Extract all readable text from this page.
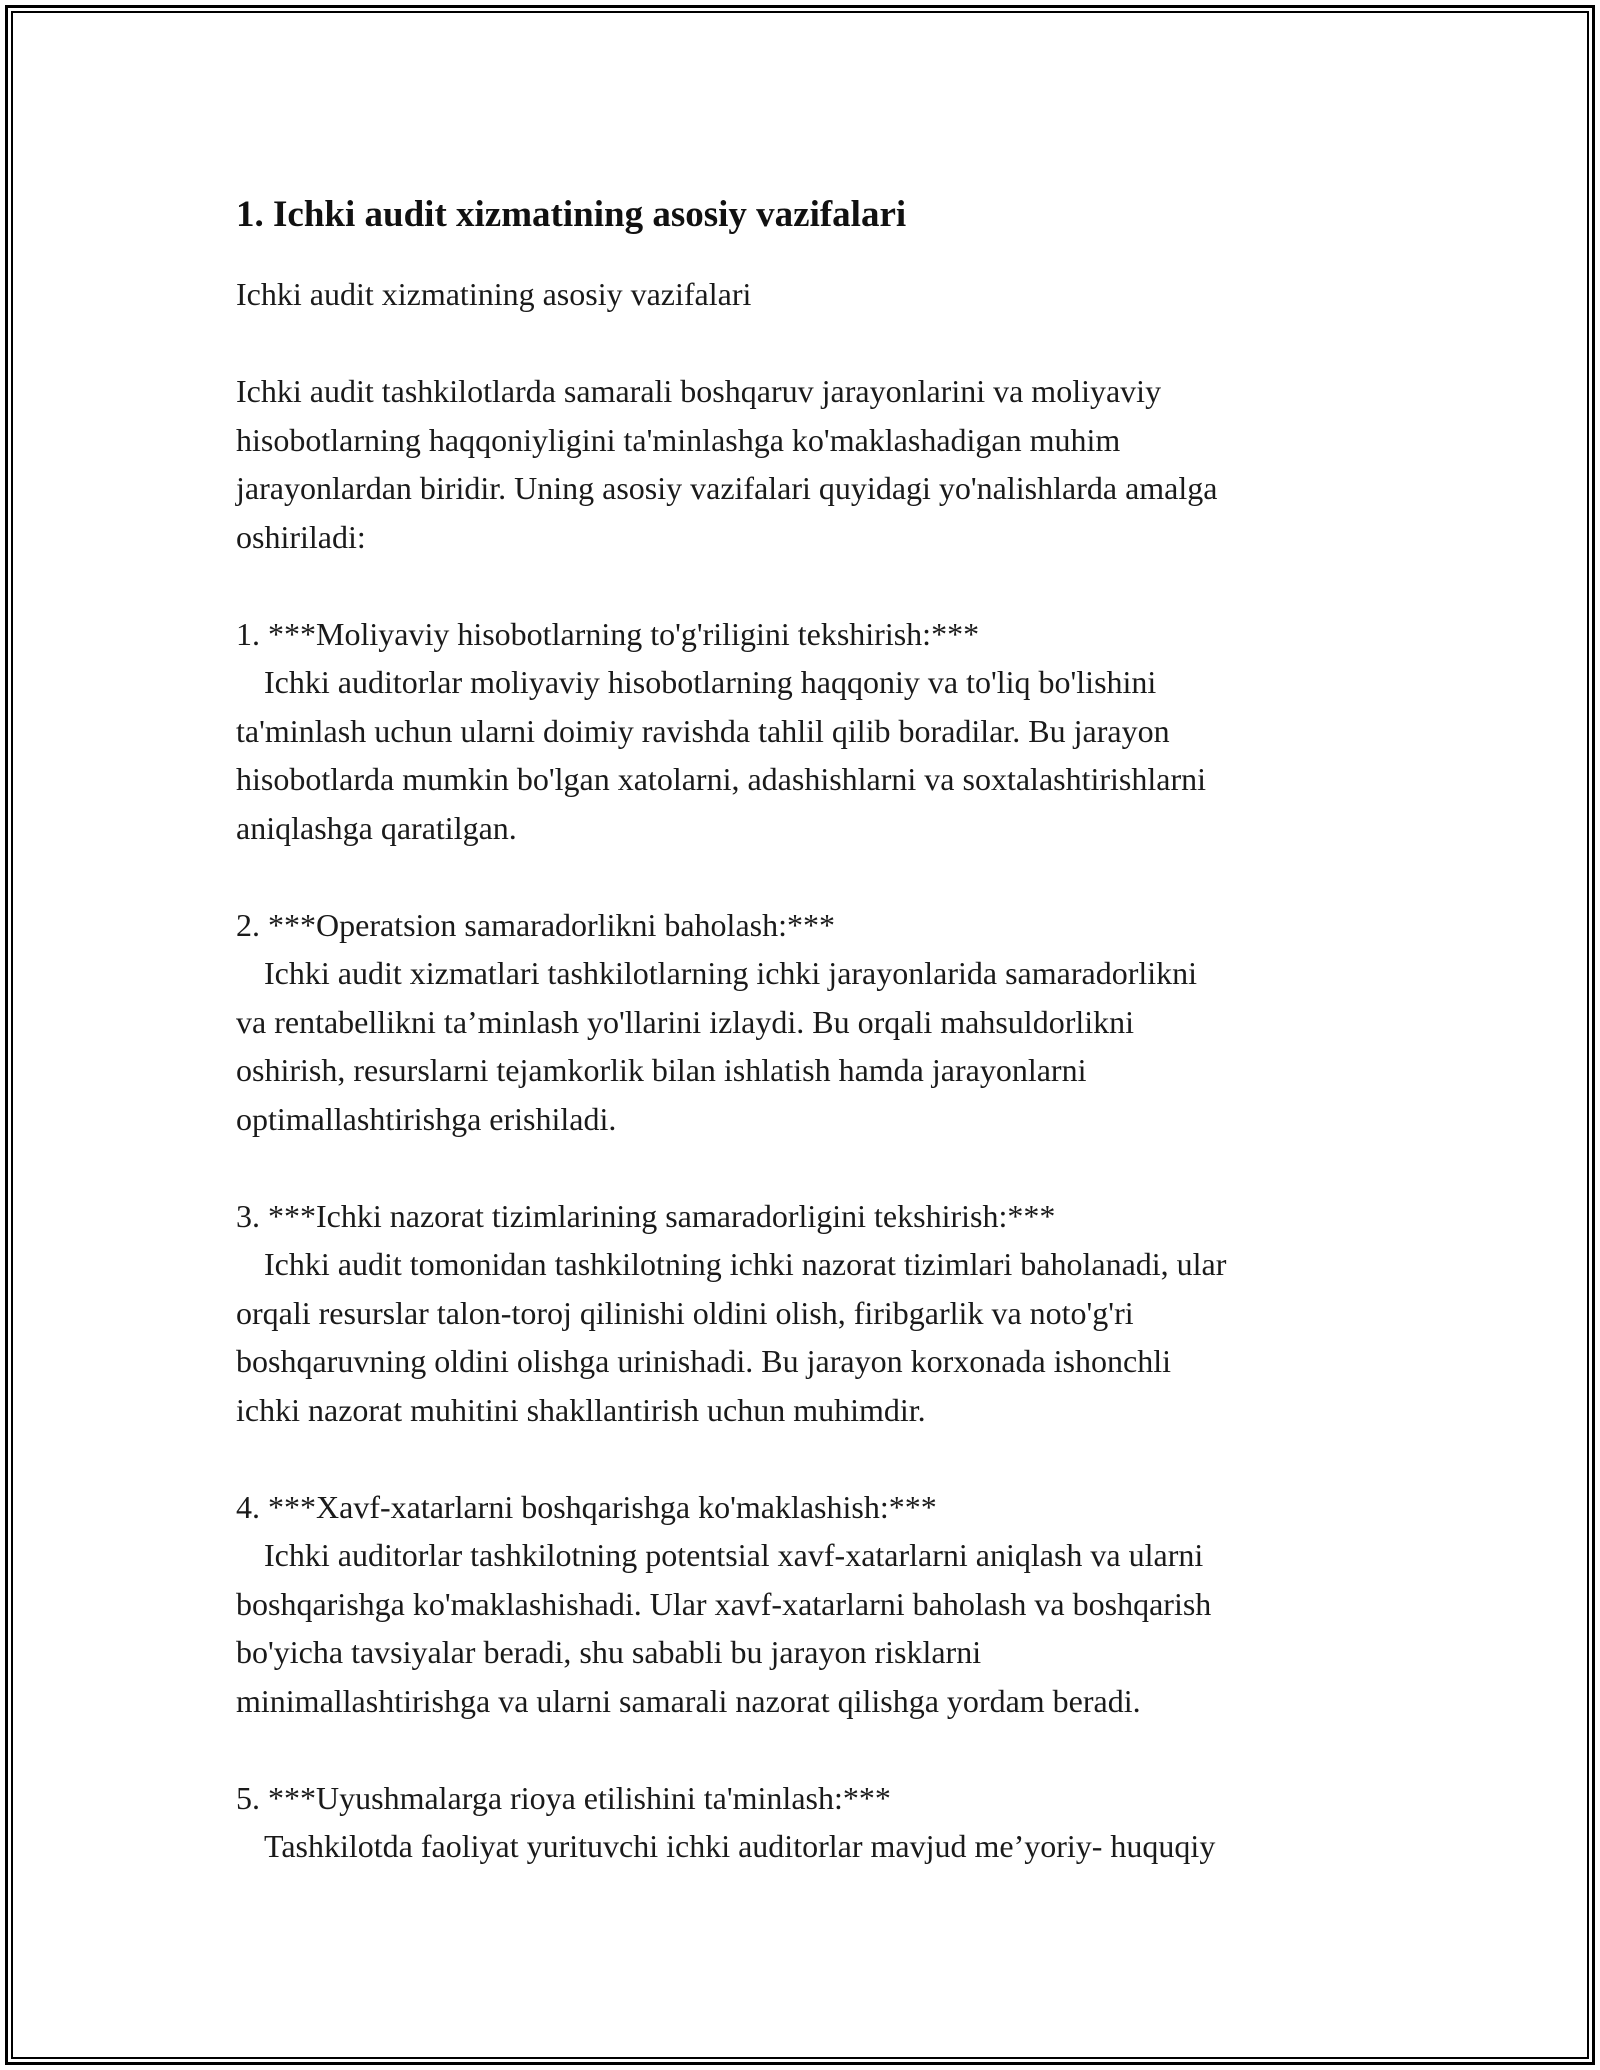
1. Ichki audit xizmatining asosiy vazifalari
Ichki audit xizmatining asosiy vazifalari
Ichki audit tashkilotlarda samarali boshqaruv jarayonlarini va moliyaviy
hisobotlarning haqqoniyligini ta'minlashga ko'maklashadigan muhim
jarayonlardan biridir. Uning asosiy vazifalari quyidagi yo'nalishlarda amalga
oshiriladi:
1. ***Moliyaviy hisobotlarning to'g'riligini tekshirish:***
Ichki auditorlar moliyaviy hisobotlarning haqqoniy va to'liq bo'lishini
ta'minlash uchun ularni doimiy ravishda tahlil qilib boradilar. Bu jarayon
hisobotlarda mumkin bo'lgan xatolarni, adashishlarni va soxtalashtirishlarni
aniqlashga qaratilgan.
2. ***Operatsion samaradorlikni baholash:***
Ichki audit xizmatlari tashkilotlarning ichki jarayonlarida samaradorlikni
va rentabellikni ta’minlash yo'llarini izlaydi. Bu orqali mahsuldorlikni
oshirish, resurslarni tejamkorlik bilan ishlatish hamda jarayonlarni
optimallashtirishga erishiladi.
3. ***Ichki nazorat tizimlarining samaradorligini tekshirish:***
Ichki audit tomonidan tashkilotning ichki nazorat tizimlari baholanadi, ular
orqali resurslar talon-toroj qilinishi oldini olish, firibgarlik va noto'g'ri
boshqaruvning oldini olishga urinishadi. Bu jarayon korxonada ishonchli
ichki nazorat muhitini shakllantirish uchun muhimdir.
4. ***Xavf-xatarlarni boshqarishga ko'maklashish:***
Ichki auditorlar tashkilotning potentsial xavf-xatarlarni aniqlash va ularni
boshqarishga ko'maklashishadi. Ular xavf-xatarlarni baholash va boshqarish
bo'yicha tavsiyalar beradi, shu sababli bu jarayon risklarni
minimallashtirishga va ularni samarali nazorat qilishga yordam beradi.
5. ***Uyushmalarga rioya etilishini ta'minlash:***
Tashkilotda faoliyat yurituvchi ichki auditorlar mavjud me’yoriy- huquqiy
